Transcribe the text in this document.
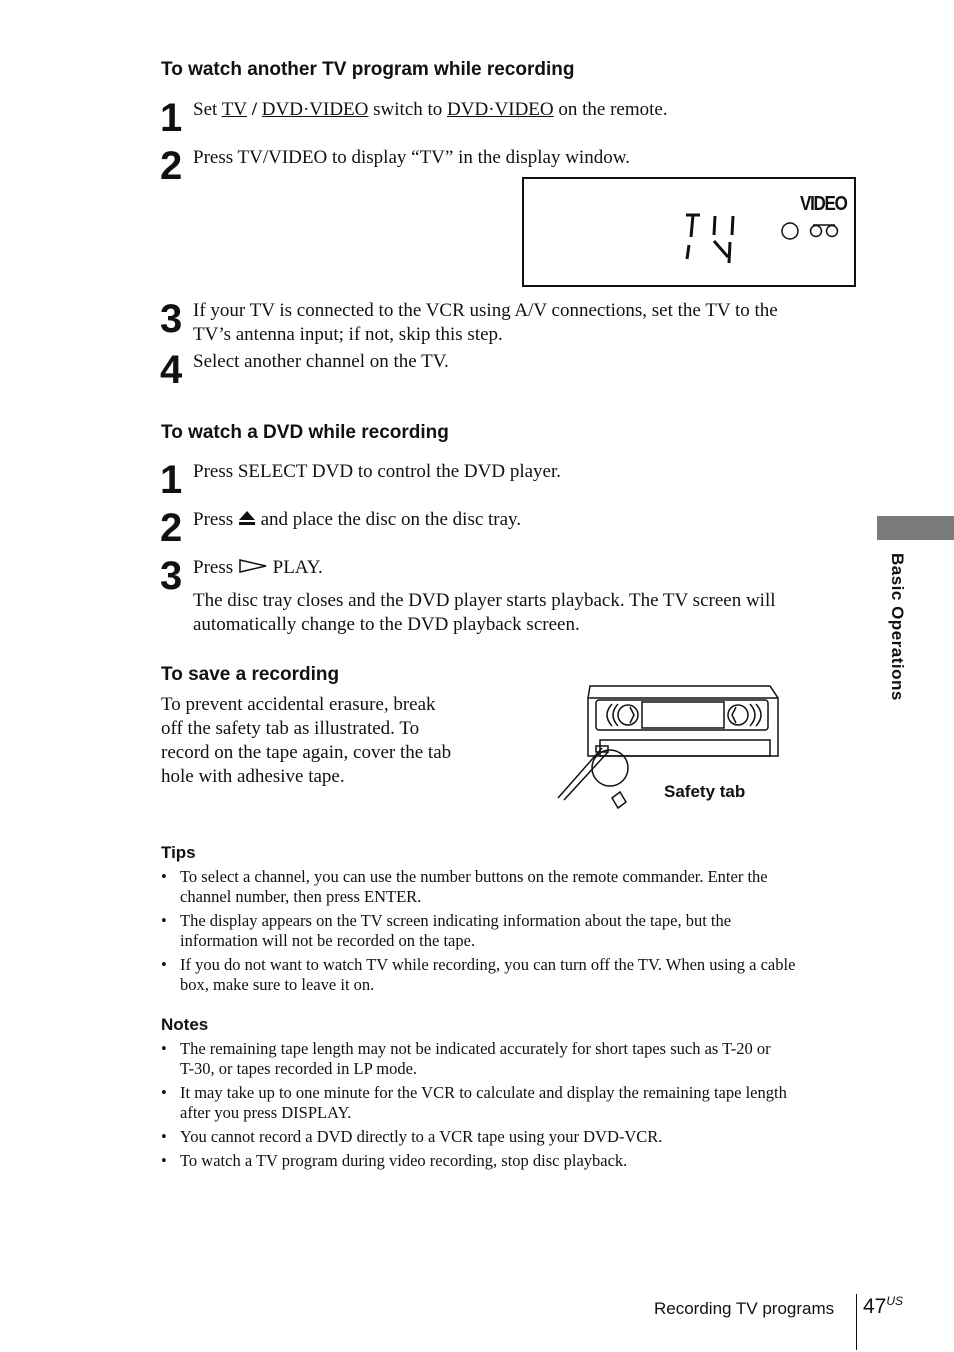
To watch another TV program while recording
1 Set TV / DVD·VIDEO switch to DVD·VIDEO on the remote.
2 Press TV/VIDEO to display “TV” in the display window.
VIDEO
3 If your TV is connected to the VCR using A/V connections, set the TV to the
TV’s antenna input; if not, skip this step.
4 Select another channel on the TV.
To watch a DVD while recording
1 Press SELECT DVD to control the DVD player.
2 Press  and place the disc on the disc tray.
3 Press  PLAY.
The disc tray closes and the DVD player starts playback. The TV screen will
automatically change to the DVD playback screen.
To save a recording
To prevent accidental erasure, break
off the safety tab as illustrated. To
record on the tape again, cover the tab
hole with adhesive tape.
Safety tab
Tips
• To select a channel, you can use the number buttons on the remote commander. Enter the
channel number, then press ENTER.
• The display appears on the TV screen indicating information about the tape, but the
information will not be recorded on the tape.
• If you do not want to watch TV while recording, you can turn off the TV. When using a cable
box, make sure to leave it on.
Notes
• The remaining tape length may not be indicated accurately for short tapes such as T-20 or
T-30, or tapes recorded in LP mode.
• It may take up to one minute for the VCR to calculate and display the remaining tape length
after you press DISPLAY.
• You cannot record a DVD directly to a VCR tape using your DVD-VCR.
• To watch a TV program during video recording, stop disc playback.
Basic Operations
Recording TV programs $47^{US}$
